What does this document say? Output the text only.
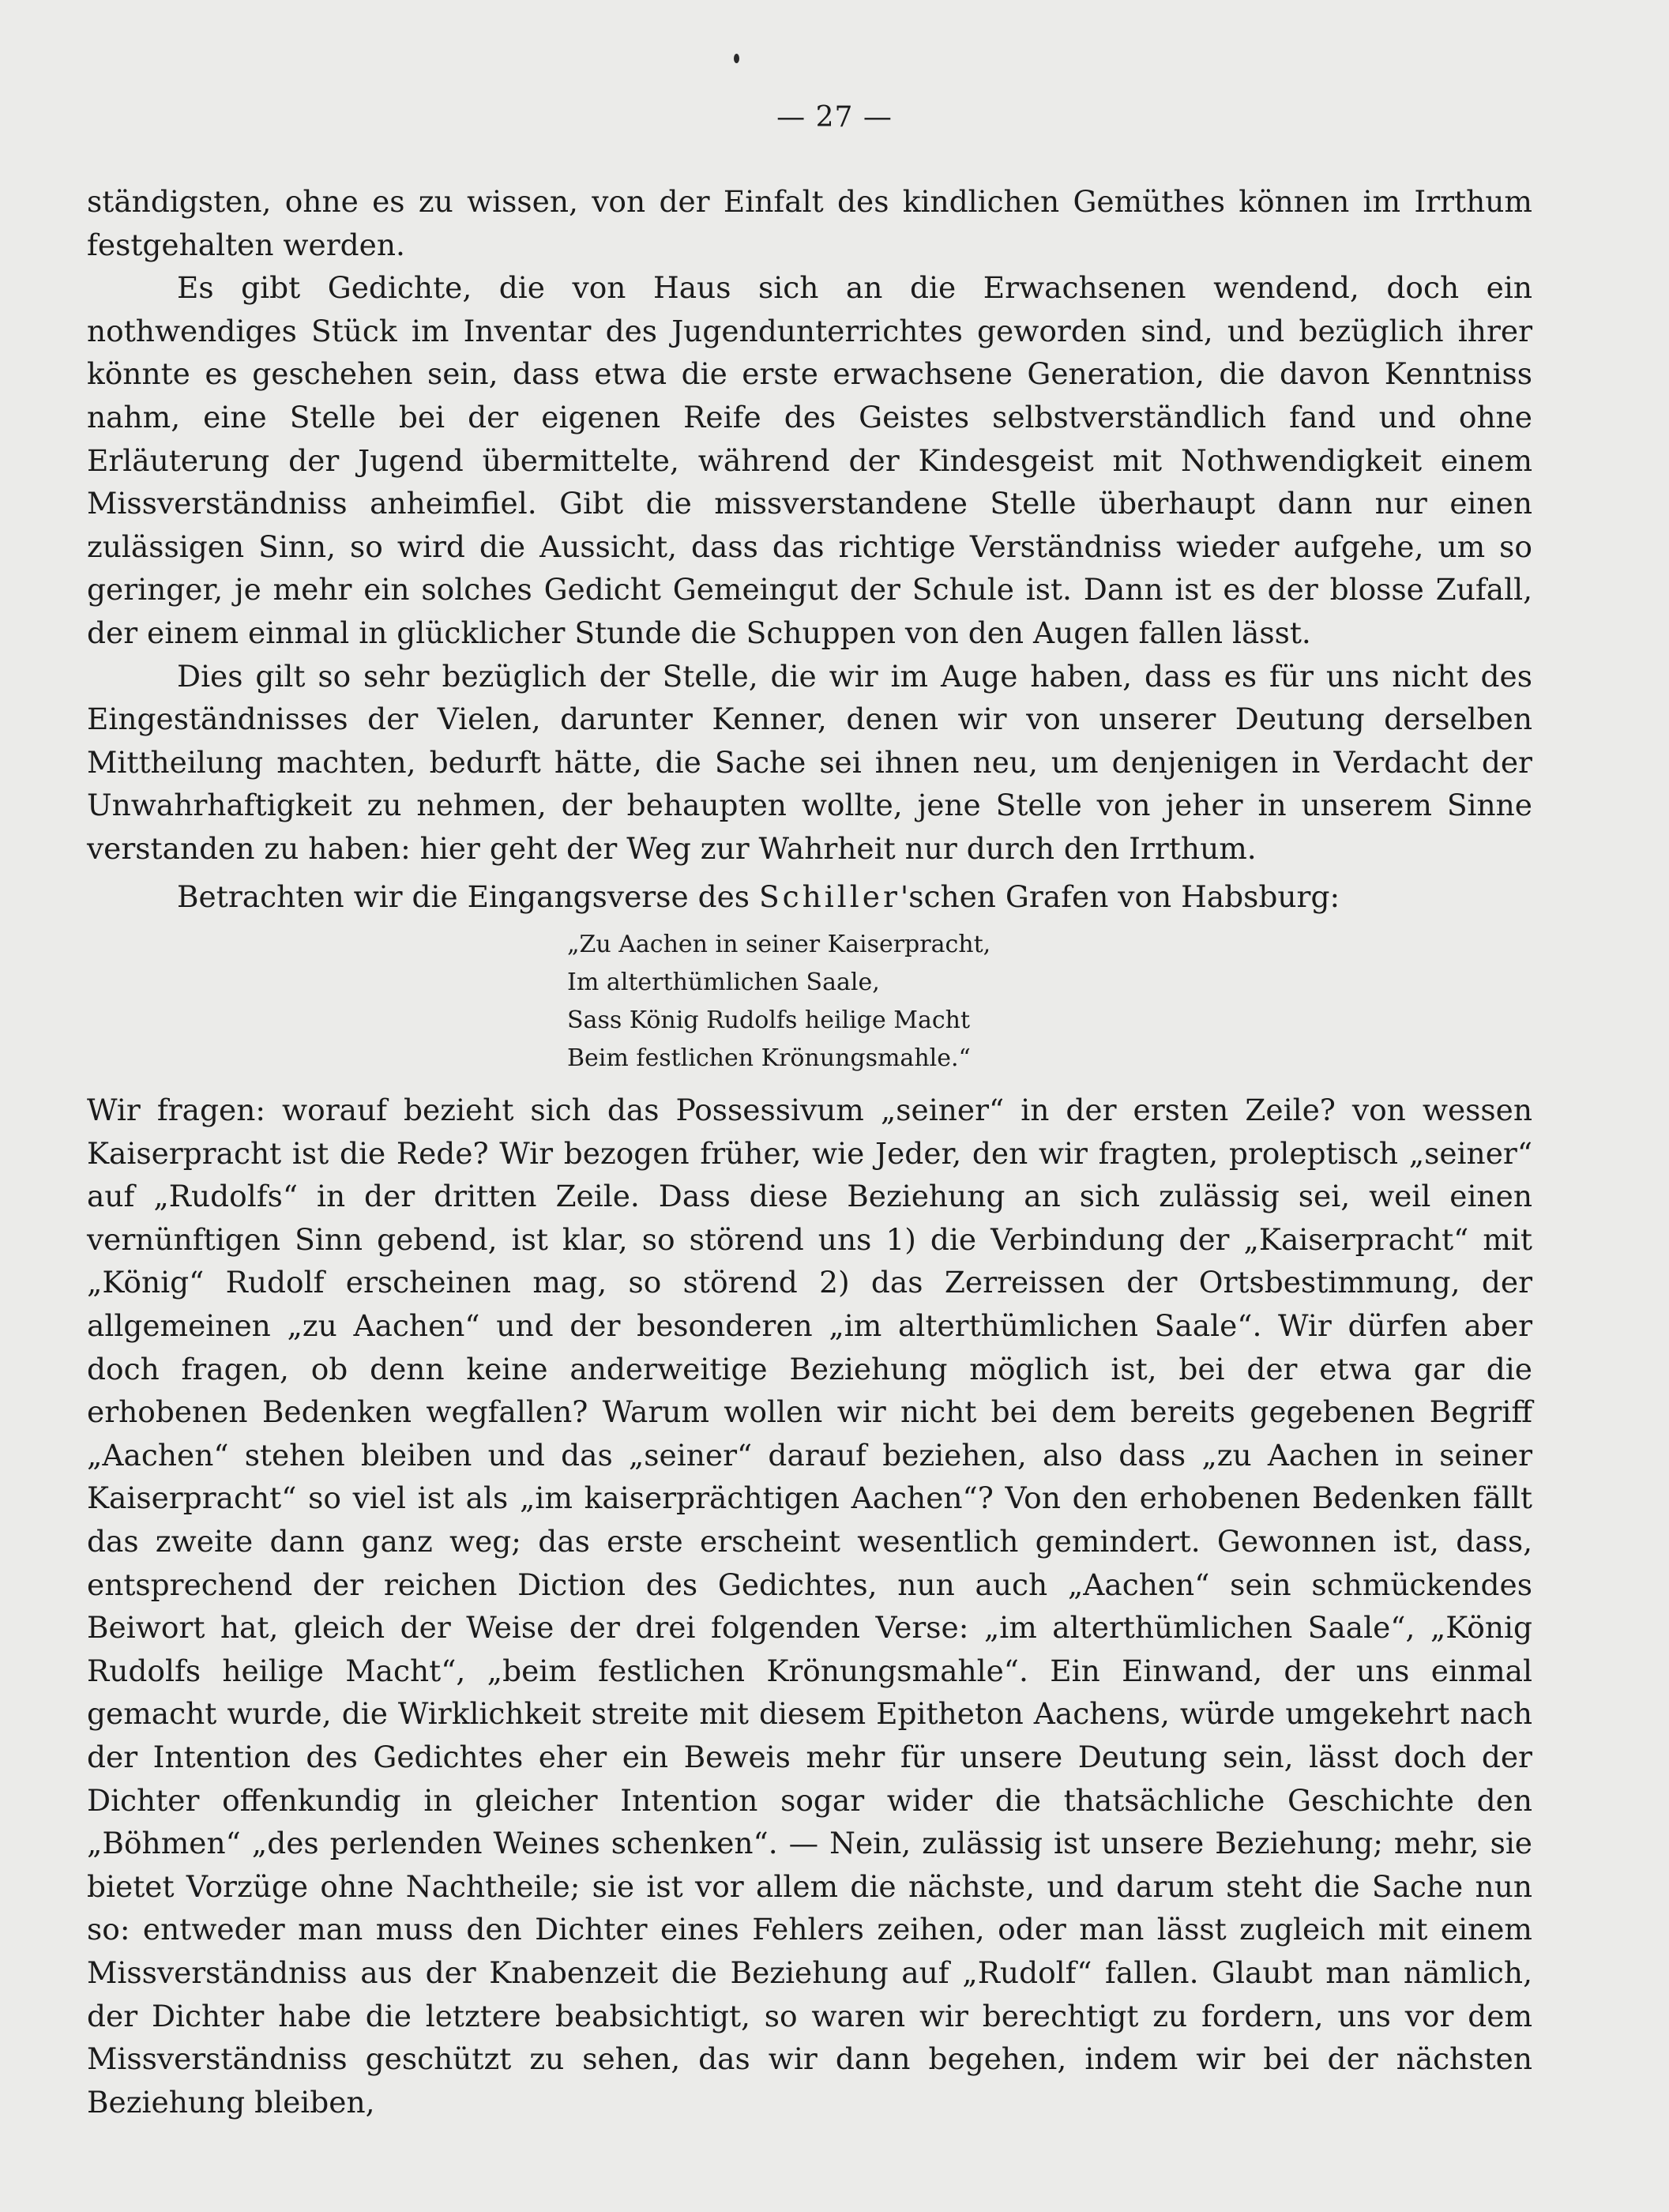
— 27 —

ständigsten, ohne es zu wissen, von der Einfalt des kindlichen Gemüthes können im Irrthum festgehalten werden.

Es gibt Gedichte, die von Haus sich an die Erwachsenen wendend, doch ein nothwendiges Stück im Inventar des Jugendunterrichtes geworden sind, und bezüglich ihrer könnte es geschehen sein, dass etwa die erste erwachsene Generation, die davon Kenntniss nahm, eine Stelle bei der eigenen Reife des Geistes selbstverständlich fand und ohne Erläuterung der Jugend übermittelte, während der Kindesgeist mit Nothwendigkeit einem Missverständniss anheimfiel. Gibt die missverstandene Stelle überhaupt dann nur einen zulässigen Sinn, so wird die Aussicht, dass das richtige Verständniss wieder aufgehe, um so geringer, je mehr ein solches Gedicht Gemeingut der Schule ist. Dann ist es der blosse Zufall, der einem einmal in glücklicher Stunde die Schuppen von den Augen fallen lässt.

Dies gilt so sehr bezüglich der Stelle, die wir im Auge haben, dass es für uns nicht des Eingeständnisses der Vielen, darunter Kenner, denen wir von unserer Deutung derselben Mittheilung machten, bedurft hätte, die Sache sei ihnen neu, um denjenigen in Verdacht der Unwahrhaftigkeit zu nehmen, der behaupten wollte, jene Stelle von jeher in unserem Sinne verstanden zu haben: hier geht der Weg zur Wahrheit nur durch den Irrthum.

Betrachten wir die Eingangsverse des Schiller'schen Grafen von Habsburg:

„Zu Aachen in seiner Kaiserpracht,
Im alterthümlichen Saale,
Sass König Rudolfs heilige Macht
Beim festlichen Krönungsmahle.“

Wir fragen: worauf bezieht sich das Possessivum „seiner“ in der ersten Zeile? von wessen Kaiserpracht ist die Rede? Wir bezogen früher, wie Jeder, den wir fragten, proleptisch „seiner“ auf „Rudolfs“ in der dritten Zeile. Dass diese Beziehung an sich zulässig sei, weil einen vernünftigen Sinn gebend, ist klar, so störend uns 1) die Verbindung der „Kaiserpracht“ mit „König“ Rudolf erscheinen mag, so störend 2) das Zerreissen der Ortsbestimmung, der allgemeinen „zu Aachen“ und der besonderen „im alterthümlichen Saale“. Wir dürfen aber doch fragen, ob denn keine anderweitige Beziehung möglich ist, bei der etwa gar die erhobenen Bedenken wegfallen? Warum wollen wir nicht bei dem bereits gegebenen Begriff „Aachen“ stehen bleiben und das „seiner“ darauf beziehen, also dass „zu Aachen in seiner Kaiserpracht“ so viel ist als „im kaiserprächtigen Aachen“? Von den erhobenen Bedenken fällt das zweite dann ganz weg; das erste erscheint wesentlich gemindert. Gewonnen ist, dass, entsprechend der reichen Diction des Gedichtes, nun auch „Aachen“ sein schmückendes Beiwort hat, gleich der Weise der drei folgenden Verse: „im alterthümlichen Saale“, „König Rudolfs heilige Macht“, „beim festlichen Krönungsmahle“. Ein Einwand, der uns einmal gemacht wurde, die Wirklichkeit streite mit diesem Epitheton Aachens, würde umgekehrt nach der Intention des Gedichtes eher ein Beweis mehr für unsere Deutung sein, lässt doch der Dichter offenkundig in gleicher Intention sogar wider die thatsächliche Geschichte den „Böhmen“ „des perlenden Weines schenken“. — Nein, zulässig ist unsere Beziehung; mehr, sie bietet Vorzüge ohne Nachtheile; sie ist vor allem die nächste, und darum steht die Sache nun so: entweder man muss den Dichter eines Fehlers zeihen, oder man lässt zugleich mit einem Missverständniss aus der Knabenzeit die Beziehung auf „Rudolf“ fallen. Glaubt man nämlich, der Dichter habe die letztere beabsichtigt, so waren wir berechtigt zu fordern, uns vor dem Missverständniss geschützt zu sehen, das wir dann begehen, indem wir bei der nächsten Beziehung bleiben,
